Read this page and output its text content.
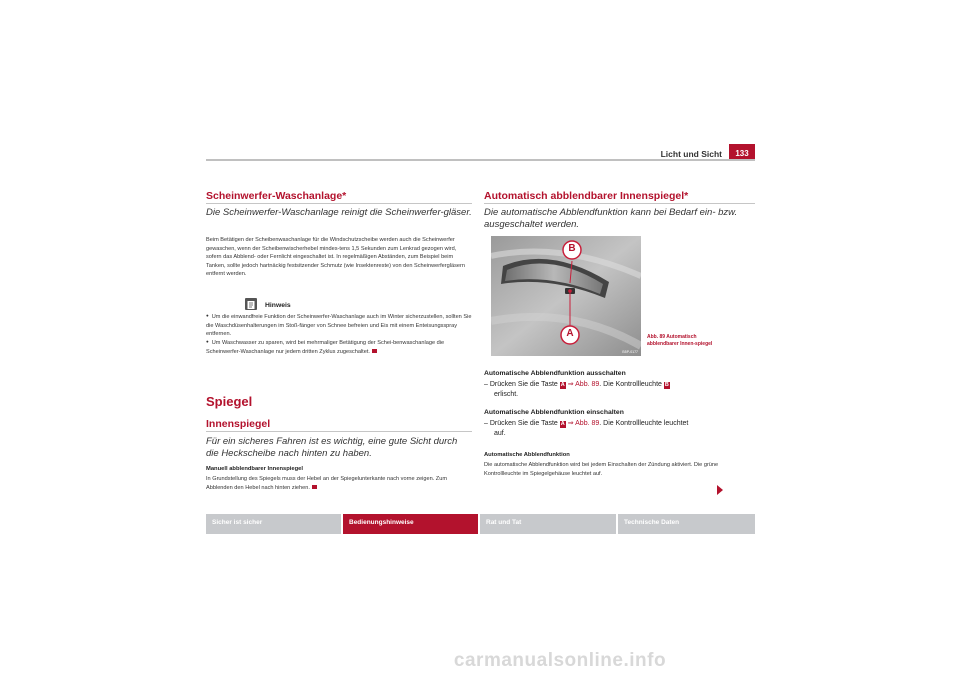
Licht und Sicht	133
Scheinwerfer-Waschanlage*
Die Scheinwerfer-Waschanlage reinigt die Scheinwerfer-gläser.
Beim Betätigen der Scheibenwaschanlage für die Windschutzscheibe werden auch die Scheinwerfer gewaschen, wenn der Scheibenwischerhebel mindes-tens 1,5 Sekunden zum Lenkrad gezogen wird, sofern das Abblend- oder Fernlicht eingeschaltet ist. In regelmäßigen Abständen, zum Beispiel beim Tanken, sollte jedoch hartnäckig festsitzender Schmutz (wie Insektenreste) von den Scheinwerfergläsern entfernt werden.
Hinweis
● Um die einwandfreie Funktion der Scheinwerfer-Waschanlage auch im Winter sicherzustellen, sollten Sie die Waschdüsenhalterungen im Stoß-fänger von Schnee befreien und Eis mit einem Enteisungsspray entfernen.
● Um Waschwasser zu sparen, wird bei mehrmaliger Betätigung der Schei-benwaschanlage die Scheinwerfer-Waschanlage nur jedem dritten Zyklus zugeschaltet.
Spiegel
Innenspiegel
Für ein sicheres Fahren ist es wichtig, eine gute Sicht durch die Heckscheibe nach hinten zu haben.
Manuell abblendbarer Innenspiegel
In Grundstellung des Spiegels muss der Hebel an der Spiegelunterkante nach vorne zeigen. Zum Abblenden den Hebel nach hinten ziehen.
Automatisch abblendbarer Innenspiegel*
Die automatische Abblendfunktion kann bei Bedarf ein- bzw. ausgeschaltet werden.
B5P-0177
B
A	Abb. 89 Automatisch abblendbarer Innen-spiegel
Automatische Abblendfunktion ausschalten
– Drücken Sie die Taste A ⇒ Abb. 89. Die Kontrollleuchte B
erlischt.
Automatische Abblendfunktion einschalten
– Drücken Sie die Taste A ⇒ Abb. 89. Die Kontrollleuchte leuchtet
auf.
Automatische Abblendfunktion
Die automatische Abblendfunktion wird bei jedem Einschalten der Zündung aktiviert. Die grüne Kontrollleuchte im Spiegelgehäuse leuchtet auf.
Sicher ist sicher	Bedienungshinweise	Rat und Tat	Technische Daten
carmanualsonline.info
